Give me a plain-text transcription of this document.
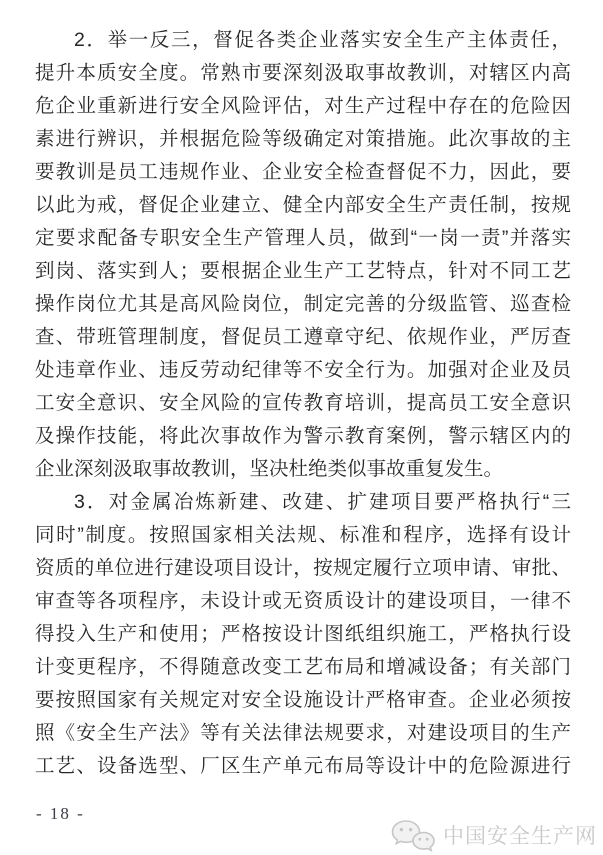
2．举一反三，督促各类企业落实安全生产主体责任，
提升本质安全度。常熟市要深刻汲取事故教训，对辖区内高
危企业重新进行安全风险评估，对生产过程中存在的危险因
素进行辨识，并根据危险等级确定对策措施。此次事故的主
要教训是员工违规作业、企业安全检查督促不力，因此，要
以此为戒，督促企业建立、健全内部安全生产责任制，按规
定要求配备专职安全生产管理人员，做到“一岗一责”并落实
到岗、落实到人；要根据企业生产工艺特点，针对不同工艺
操作岗位尤其是高风险岗位，制定完善的分级监管、巡查检
查、带班管理制度，督促员工遵章守纪、依规作业，严厉查
处违章作业、违反劳动纪律等不安全行为。加强对企业及员
工安全意识、安全风险的宣传教育培训，提高员工安全意识
及操作技能，将此次事故作为警示教育案例，警示辖区内的
企业深刻汲取事故教训，坚决杜绝类似事故重复发生。
3．对金属冶炼新建、改建、扩建项目要严格执行“三
同时”制度。按照国家相关法规、标准和程序，选择有设计
资质的单位进行建设项目设计，按规定履行立项申请、审批、
审查等各项程序，未设计或无资质设计的建设项目，一律不
得投入生产和使用；严格按设计图纸组织施工，严格执行设
计变更程序，不得随意改变工艺布局和增减设备；有关部门
要按照国家有关规定对安全设施设计严格审查。企业必须按
照《安全生产法》等有关法律法规要求，对建设项目的生产
工艺、设备选型、厂区生产单元布局等设计中的危险源进行
- 18 -
中国安全生产网
